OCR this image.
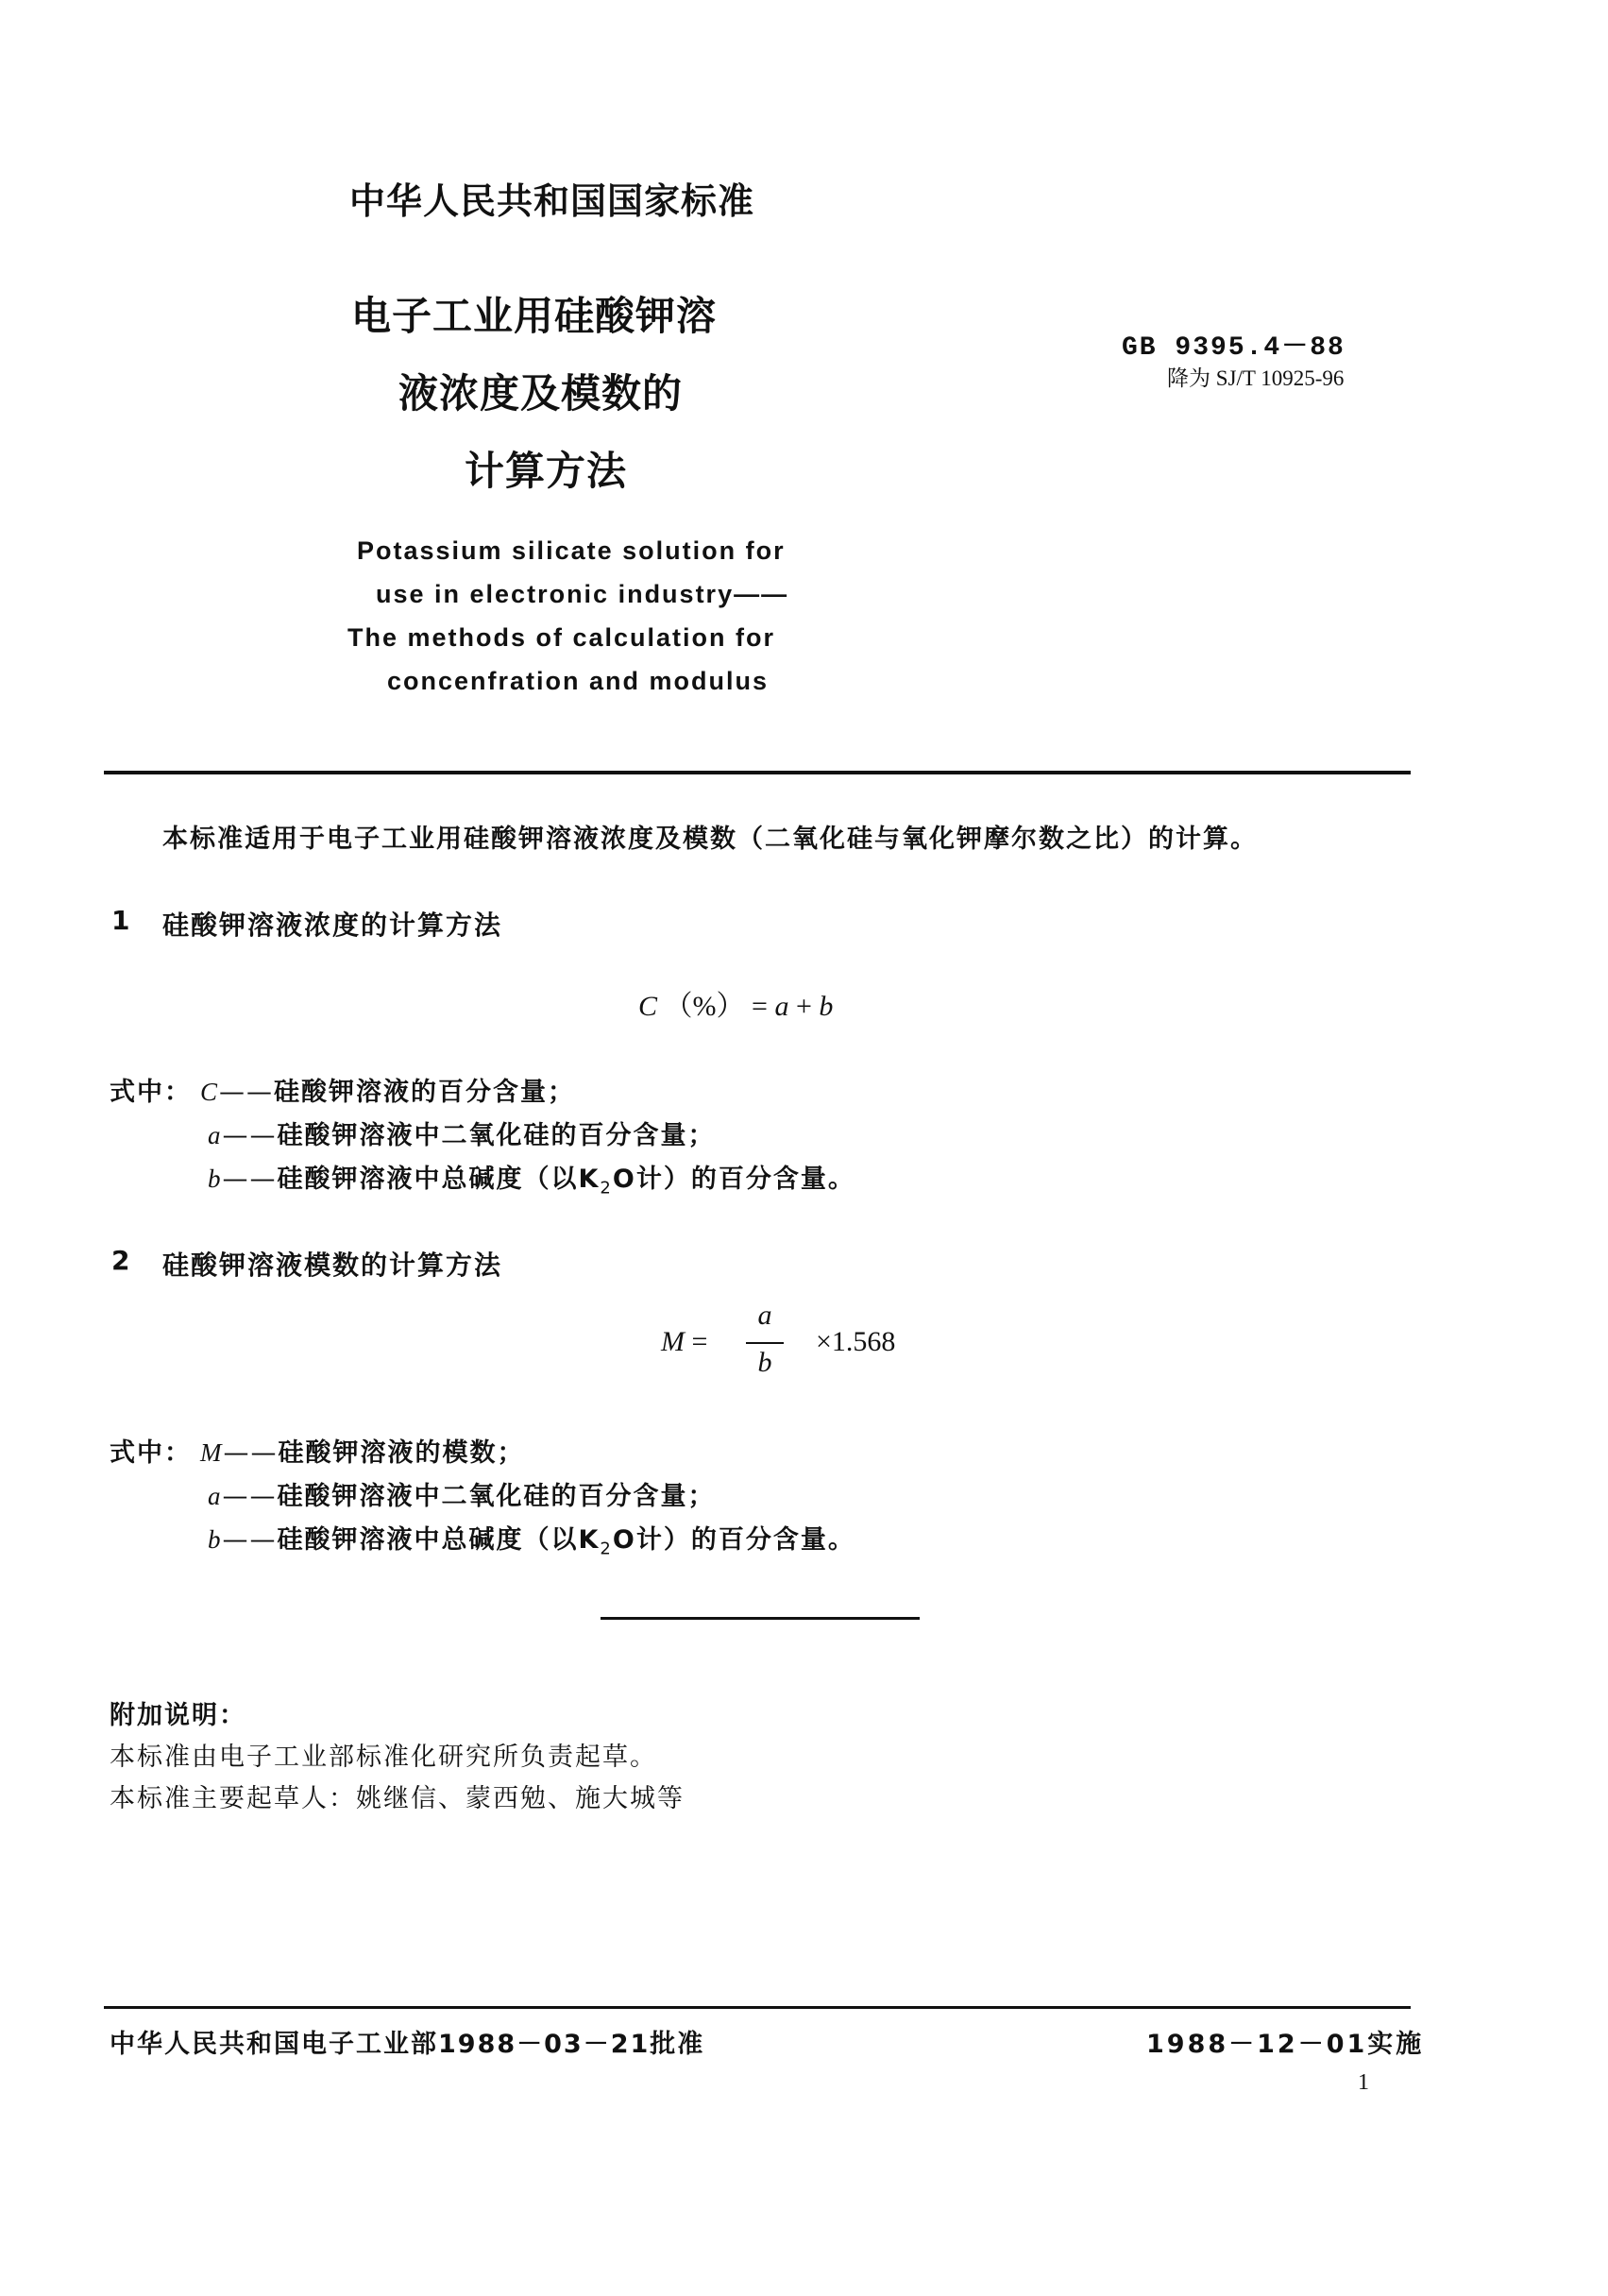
中华人民共和国国家标准
电子工业用硅酸钾溶
液浓度及模数的
计算方法
GB 9395.4－88
降为 SJ/T 10925-96
Potassium silicate solution for
use in electronic industry——
The methods of calculation for
concenfration and modulus
本标准适用于电子工业用硅酸钾溶液浓度及模数（二氧化硅与氧化钾摩尔数之比）的计算。
1 硅酸钾溶液浓度的计算方法
C （%） = a + b
式中： C——硅酸钾溶液的百分含量；
a——硅酸钾溶液中二氧化硅的百分含量；
b——硅酸钾溶液中总碱度（以$K_2O$计）的百分含量。
2 硅酸钾溶液模数的计算方法
M =
a
b
×1.568
式中： M——硅酸钾溶液的模数；
a——硅酸钾溶液中二氧化硅的百分含量；
b——硅酸钾溶液中总碱度（以$K_2O$计）的百分含量。
附加说明：
本标准由电子工业部标准化研究所负责起草。
本标准主要起草人：姚继信、蒙西勉、施大城等
中华人民共和国电子工业部1988－03－21批准	1988－12－01实施
1
